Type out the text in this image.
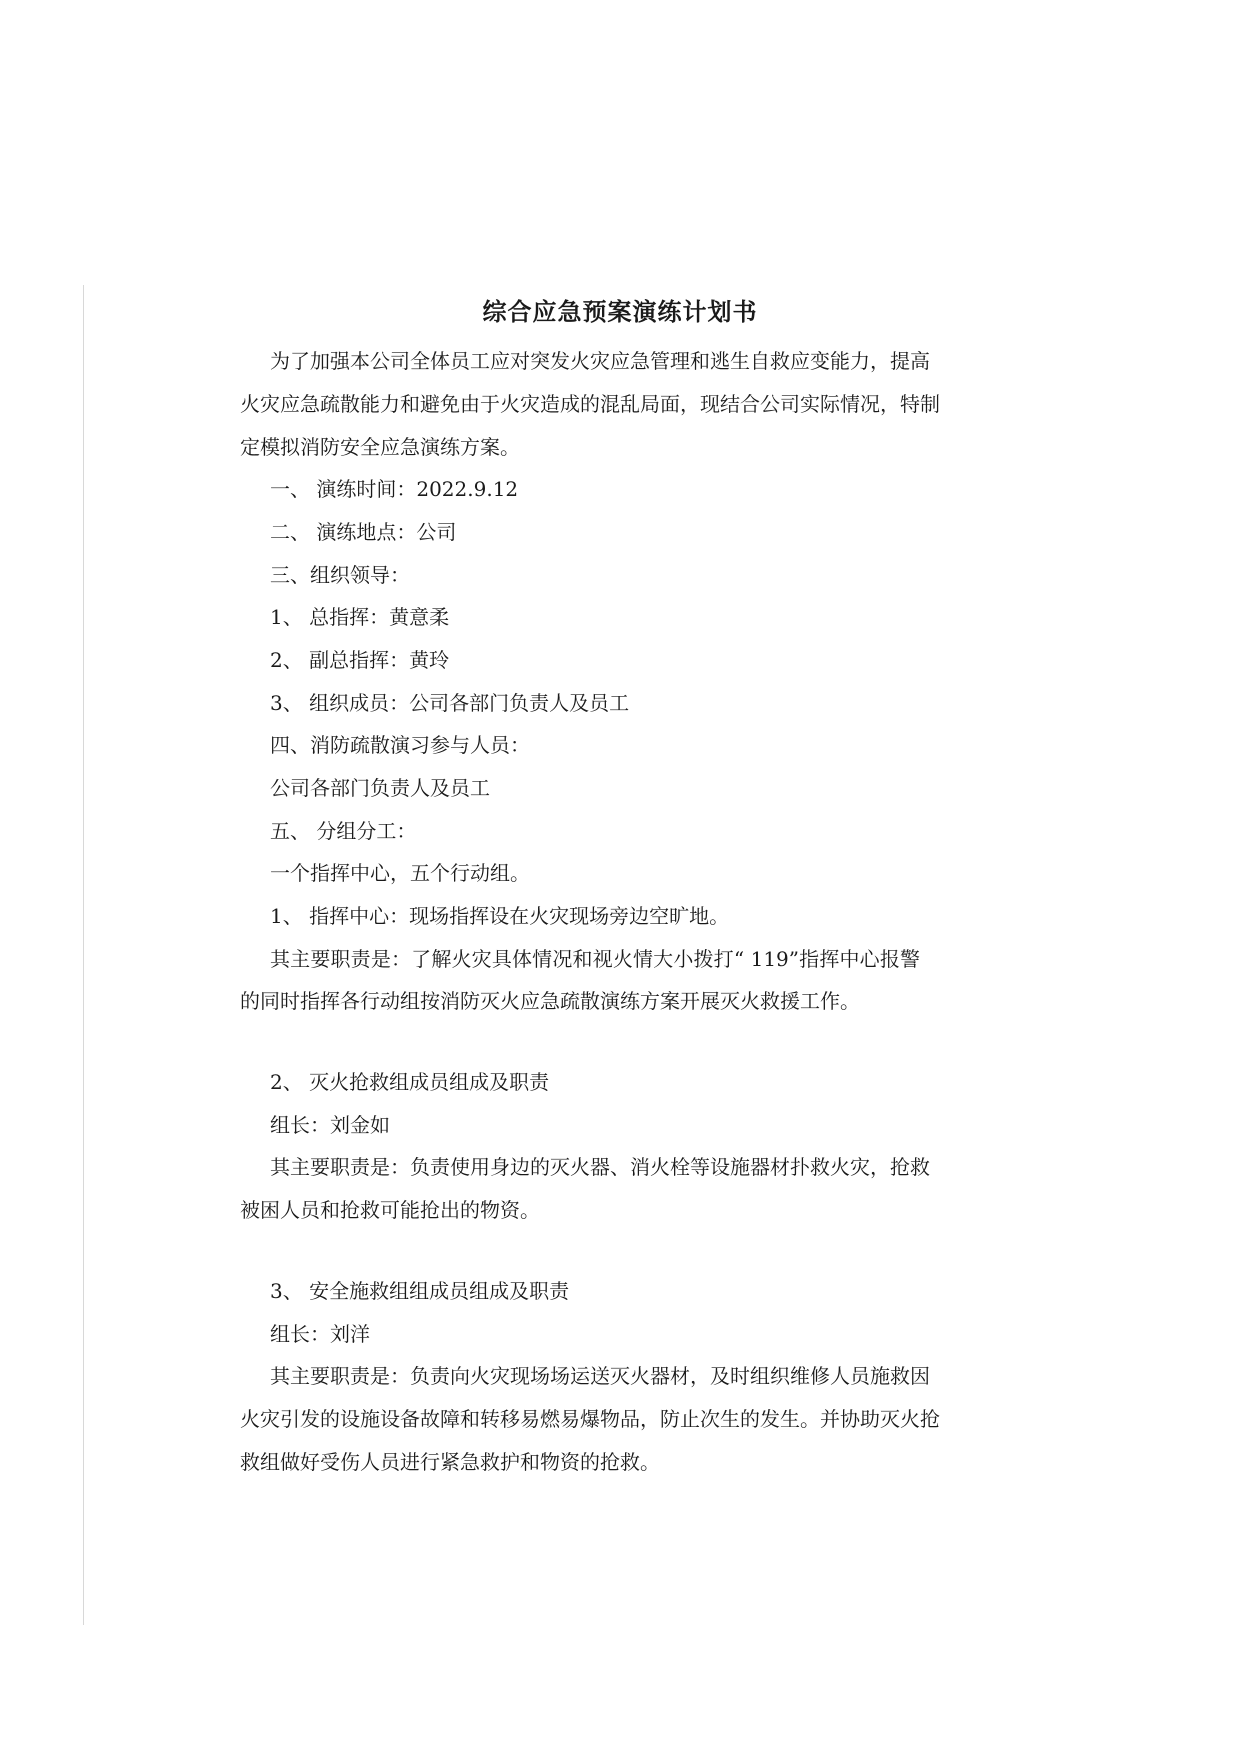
综合应急预案演练计划书

为了加强本公司全体员工应对突发火灾应急管理和逃生自救应变能力，提高

火灾应急疏散能力和避免由于火灾造成的混乱局面，现结合公司实际情况，特制

定模拟消防安全应急演练方案。

一、 演练时间：2022.9.12

二、 演练地点：公司

三、组织领导：

1、 总指挥：黄意柔

2、 副总指挥：黄玲

3、 组织成员：公司各部门负责人及员工

四、消防疏散演习参与人员：

公司各部门负责人及员工

五、 分组分工：

一个指挥中心，五个行动组。

1、 指挥中心：现场指挥设在火灾现场旁边空旷地。

其主要职责是：了解火灾具体情况和视火情大小拨打“ 119”指挥中心报警

的同时指挥各行动组按消防灭火应急疏散演练方案开展灭火救援工作。

2、 灭火抢救组成员组成及职责

组长：刘金如

其主要职责是：负责使用身边的灭火器、消火栓等设施器材扑救火灾，抢救

被困人员和抢救可能抢出的物资。

3、 安全施救组组成员组成及职责

组长：刘洋

其主要职责是：负责向火灾现场场运送灭火器材，及时组织维修人员施救因

火灾引发的设施设备故障和转移易燃易爆物品，防止次生的发生。并协助灭火抢

救组做好受伤人员进行紧急救护和物资的抢救。
